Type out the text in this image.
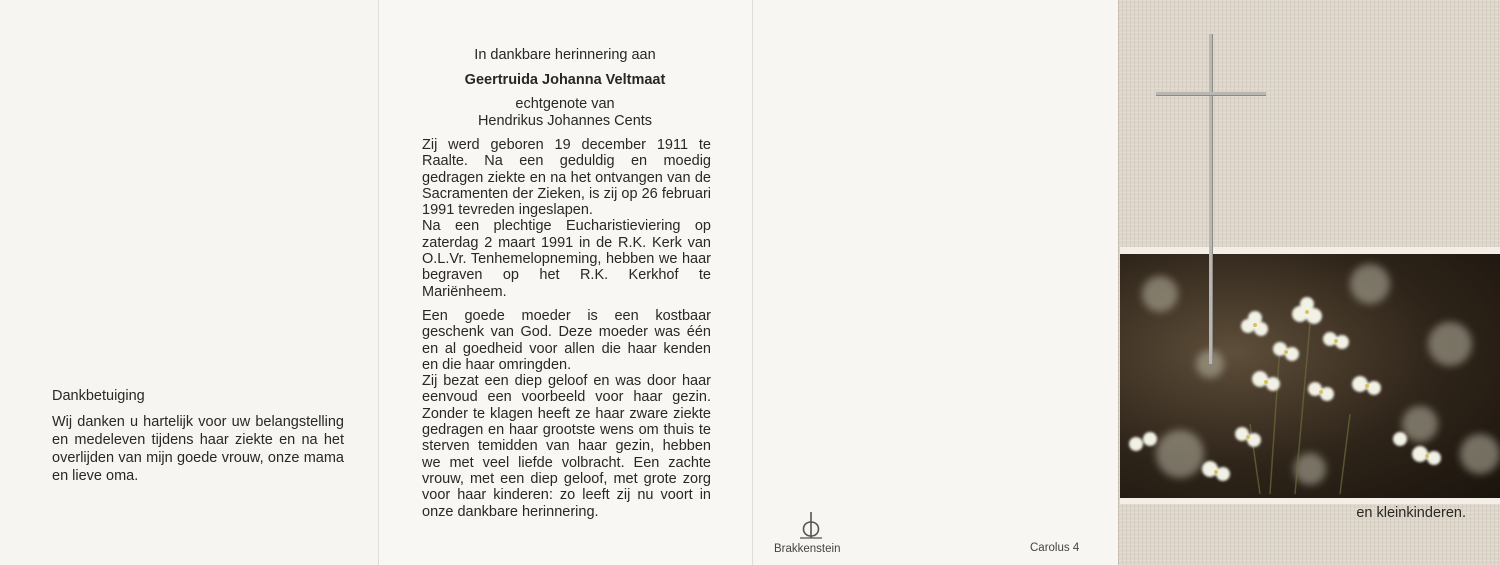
Dankbetuiging
Wij danken u hartelijk voor uw belangstelling en medeleven tijdens haar ziekte en na het overlijden van mijn goede vrouw, onze mama en lieve oma.
en kleinkinderen.
In dankbare herinnering aan
Geertruida Johanna Veltmaat
echtgenote van
Hendrikus Johannes Cents

Zij werd geboren 19 december 1911 te Raalte. Na een geduldig en moedig gedragen ziekte en na het ontvangen van de Sacramenten der Zieken, is zij op 26 februari 1991 tevreden ingeslapen.

Na een plechtige Eucharistieviering op zaterdag 2 maart 1991 in de R.K. Kerk van O.L.Vr. Tenhemelopneming, hebben we haar begraven op het R.K. Kerkhof te Mariënheem.

Een goede moeder is een kostbaar geschenk van God. Deze moeder was één en al goedheid voor allen die haar kenden en die haar omringden.

Zij bezat een diep geloof en was door haar eenvoud een voorbeeld voor haar gezin. Zonder te klagen heeft ze haar zware ziekte gedragen en haar grootste wens om thuis te sterven temidden van haar gezin, hebben we met veel liefde volbracht. Een zachte vrouw, met een diep geloof, met grote zorg voor haar kinderen: zo leeft zij nu voort in onze dankbare herinnering.

Brakkenstein	Carolus 4
